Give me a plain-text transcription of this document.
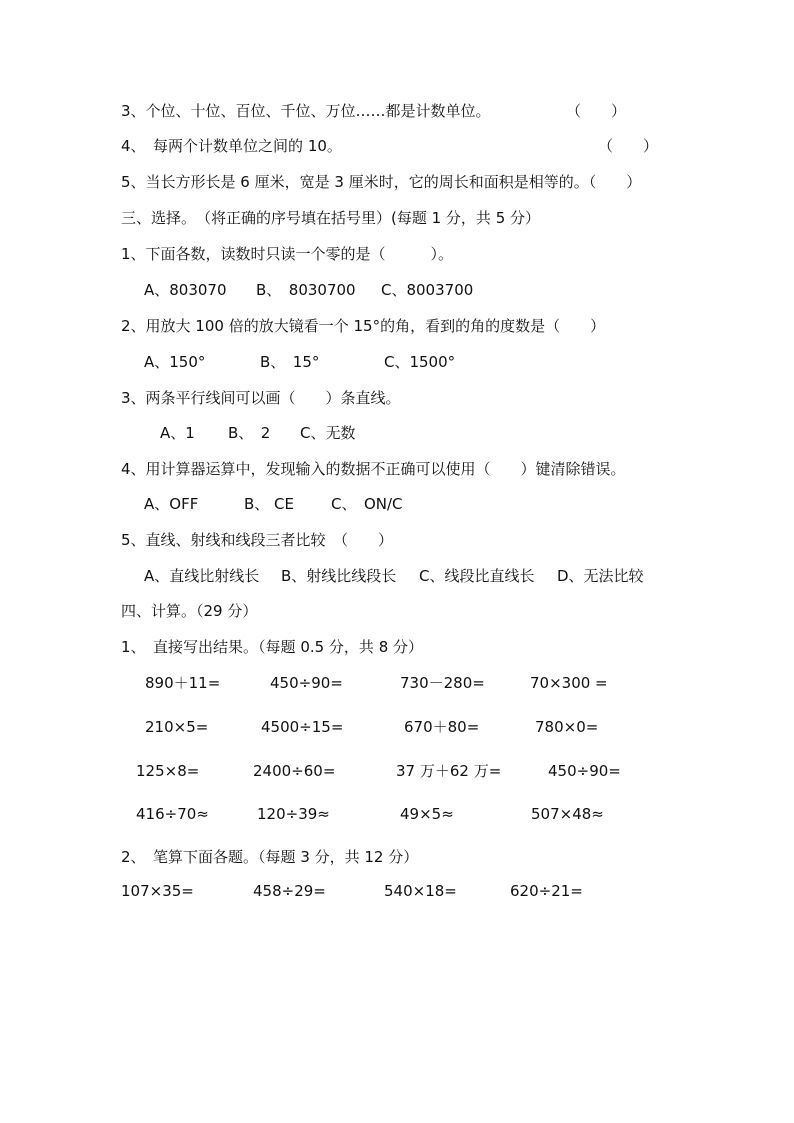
3、个位、十位、百位、千位、万位……都是计数单位。	（　　）
4、　每两个计数单位之间的 10。	（　　）
5、当长方形长是 6 厘米，宽是 3 厘米时，它的周长和面积是相等的。（　　）
三、选择。　（将正确的序号填在括号里）(每题 1 分，共 5 分）
1、下面各数，读数时只读一个零的是（　　　）。
A、803070 B、　8030700 C、8003700
2、用放大 100 倍的放大镜看一个 15°的角，看到的角的度数是（　　）
A、150°	B、　15°	C、1500°
3、两条平行线间可以画（　　）条直线。
A、1 B、　2 C、无数
4、用计算器运算中，发现输入的数据不正确可以使用（　　）键清除错误。
A、OFF	B、 CE C、　ON/C
5、直线、射线和线段三者比较　（　　）
A、直线比射线长 B、射线比线段长 C、线段比直线长 D、无法比较
四、计算。（29 分）
1、　直接写出结果。（每题 0.5 分，共 8 分）
890＋11=	450÷90=	730－280=	70×300 =
210×5=	4500÷15=	670＋80=	780×0=
125×8=	2400÷60=	37 万＋62 万=	450÷90=
416÷70≈	120÷39≈	49×5≈	507×48≈
2、　笔算下面各题。（每题 3 分，共 12 分）
107×35=	458÷29=	540×18=	620÷21=
